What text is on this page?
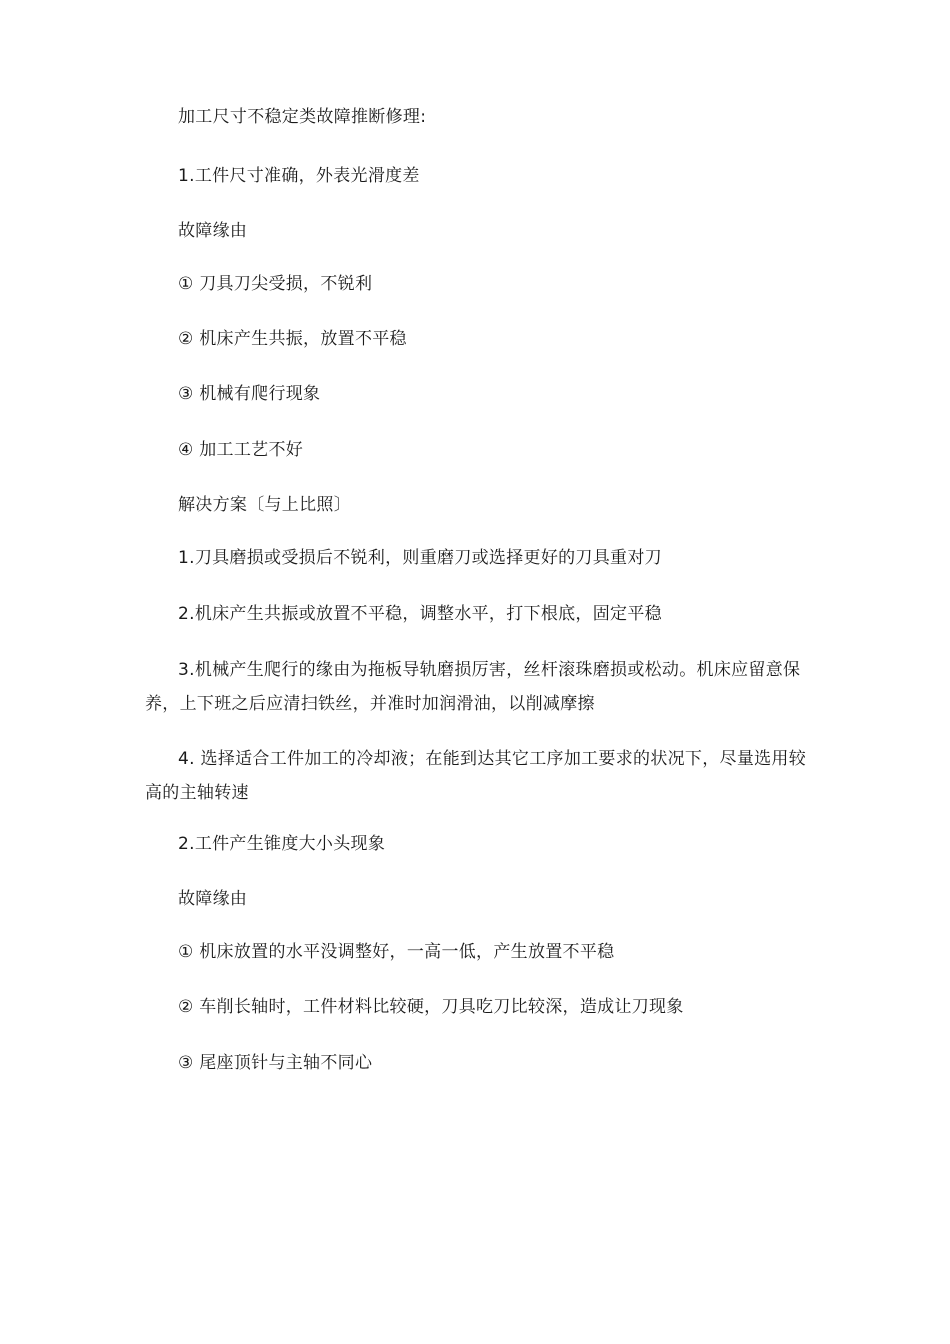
加工尺寸不稳定类故障推断修理:
1.工件尺寸准确，外表光滑度差
故障缘由
① 刀具刀尖受损，不锐利
② 机床产生共振，放置不平稳
③ 机械有爬行现象
④ 加工工艺不好
解决方案〔与上比照〕
1.刀具磨损或受损后不锐利，则重磨刀或选择更好的刀具重对刀
2.机床产生共振或放置不平稳，调整水平，打下根底，固定平稳
3.机械产生爬行的缘由为拖板导轨磨损厉害，丝杆滚珠磨损或松动。机床应留意保养，上下班之后应清扫铁丝，并准时加润滑油，以削减摩擦
4. 选择适合工件加工的冷却液；在能到达其它工序加工要求的状况下，尽量选用较高的主轴转速
2.工件产生锥度大小头现象
故障缘由
① 机床放置的水平没调整好，一高一低，产生放置不平稳
② 车削长轴时，工件材料比较硬，刀具吃刀比较深，造成让刀现象
③ 尾座顶针与主轴不同心
